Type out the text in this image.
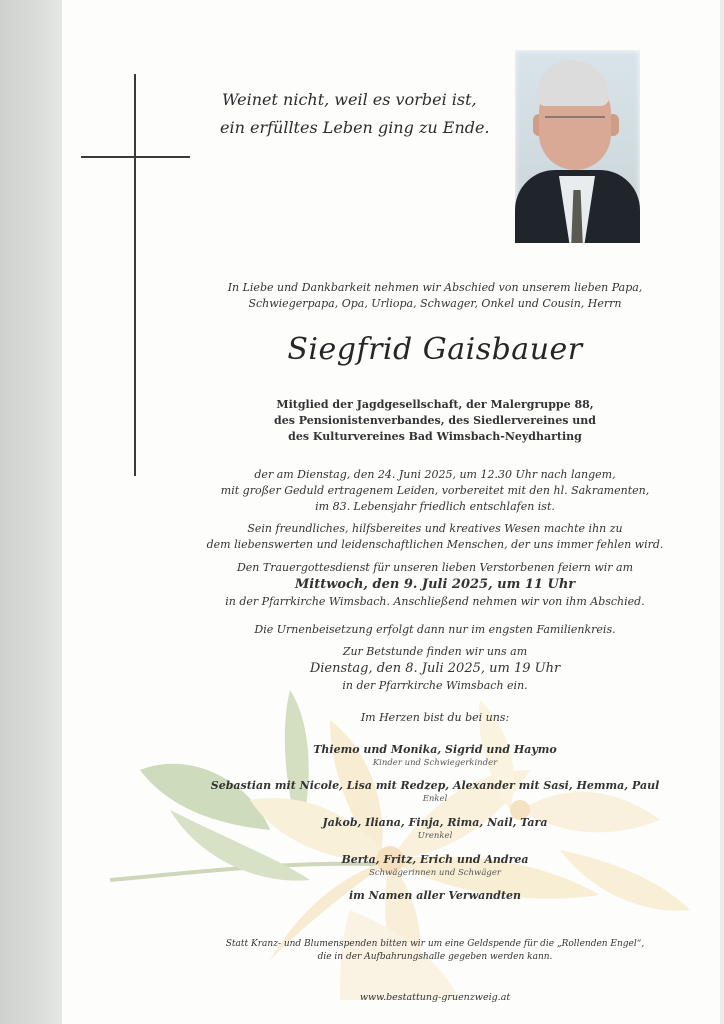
Weinet nicht, weil es vorbei ist,
ein erfülltes Leben ging zu Ende.
In Liebe und Dankbarkeit nehmen wir Abschied von unserem lieben Papa,
Schwiegerpapa, Opa, Urliopa, Schwager, Onkel und Cousin, Herrn
Siegfrid Gaisbauer
Mitglied der Jagdgesellschaft, der Malergruppe 88,
des Pensionistenverbandes, des Siedlervereines und
des Kulturvereines Bad Wimsbach-Neydharting
der am Dienstag, den 24. Juni 2025, um 12.30 Uhr nach langem,
mit großer Geduld ertragenem Leiden, vorbereitet mit den hl. Sakramenten,
im 83. Lebensjahr friedlich entschlafen ist.
Sein freundliches, hilfsbereites und kreatives Wesen machte ihn zu
dem liebenswerten und leidenschaftlichen Menschen, der uns immer fehlen wird.
Den Trauergottesdienst für unseren lieben Verstorbenen feiern wir am
Mittwoch, den 9. Juli 2025, um 11 Uhr
in der Pfarrkirche Wimsbach. Anschließend nehmen wir von ihm Abschied.
Die Urnenbeisetzung erfolgt dann nur im engsten Familienkreis.
Zur Betstunde finden wir uns am
Dienstag, den 8. Juli 2025, um 19 Uhr
in der Pfarrkirche Wimsbach ein.
Im Herzen bist du bei uns:
Thiemo und Monika, Sigrid und Haymo
Kinder und Schwiegerkinder
Sebastian mit Nicole, Lisa mit Redzep, Alexander mit Sasi, Hemma, Paul
Enkel
Jakob, Iliana, Finja, Rima, Nail, Tara
Urenkel
Berta, Fritz, Erich und Andrea
Schwägerinnen und Schwäger
im Namen aller Verwandten
Statt Kranz- und Blumenspenden bitten wir um eine Geldspende für die „Rollenden Engel“,
die in der Aufbahrungshalle gegeben werden kann.
www.bestattung-gruenzweig.at
